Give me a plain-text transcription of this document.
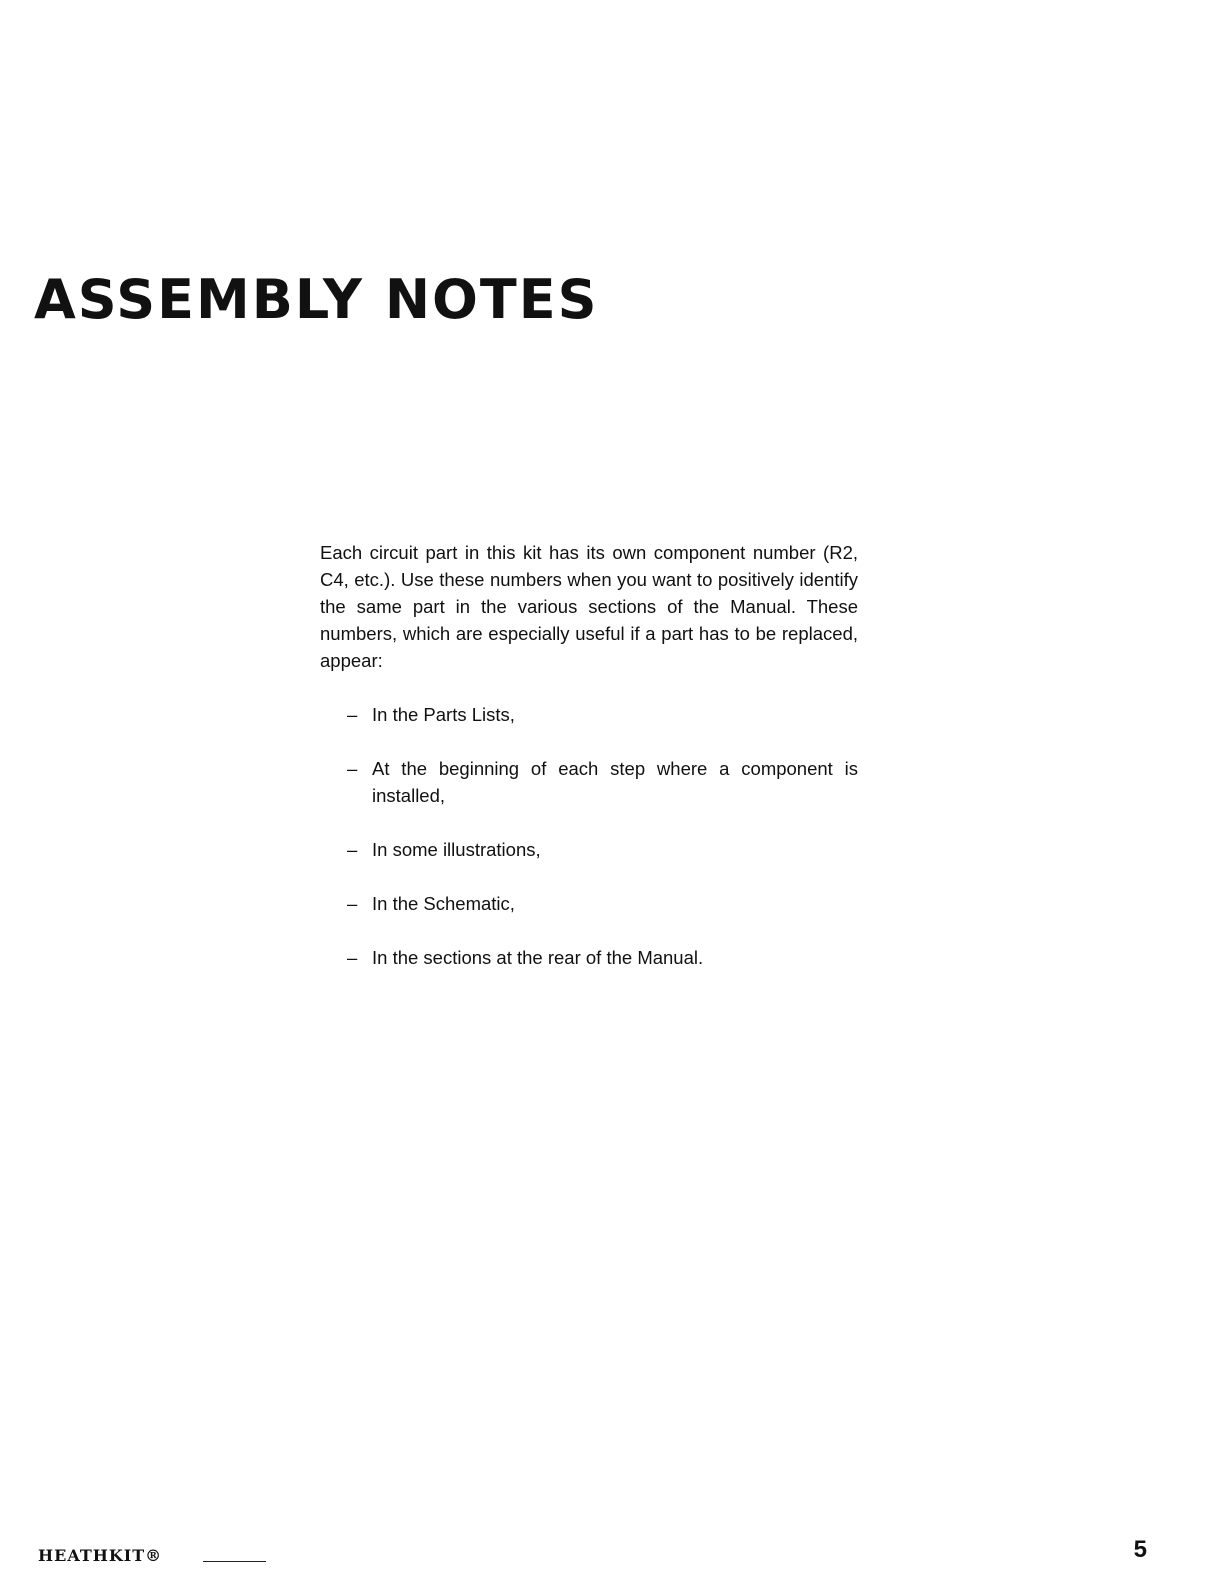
ASSEMBLY NOTES

Each circuit part in this kit has its own component number (R2, C4, etc.). Use these numbers when you want to positively identify the same part in the various sections of the Manual. These numbers, which are especially useful if a part has to be replaced, appear:

– In the Parts Lists,
– At the beginning of each step where a component is installed,
– In some illustrations,
– In the Schematic,
– In the sections at the rear of the Manual.
HEATHKIT®	5
